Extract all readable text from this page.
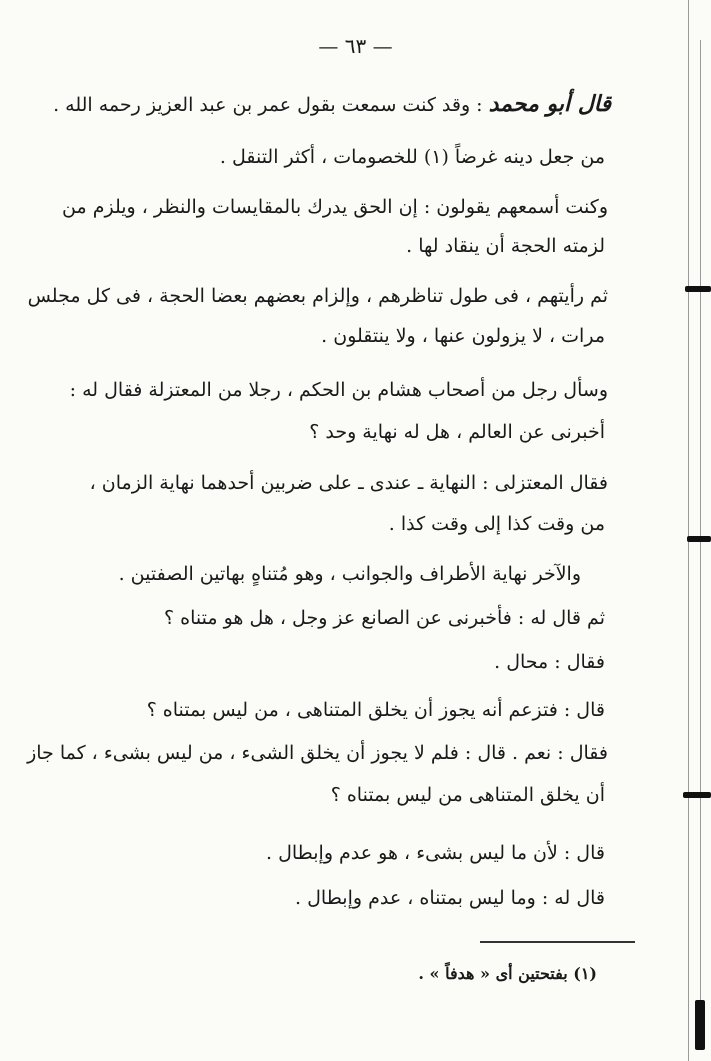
— ٦٣ —
قال أبو محمد : وقد كنت سمعت بقول عمر بن عبد العزيز رحمه الله .
من جعل دينه غرضاً (١) للخصومات ، أكثر التنقل .
وكنت أسمعهم يقولون : إن الحق يدرك بالمقايسات والنظر ، ويلزم من
لزمته الحجة أن ينقاد لها .
ثم رأيتهم ، فى طول تناظرهم ، وإلزام بعضهم بعضا الحجة ، فى كل مجلس
مرات ، لا يزولون عنها ، ولا ينتقلون .
وسأل رجل من أصحاب هشام بن الحكم ، رجلا من المعتزلة فقال له :
أخبرنى عن العالم ، هل له نهاية وحد ؟
فقال المعتزلى : النهاية ـ عندى ـ على ضربين أحدهما نهاية الزمان ،
من وقت كذا إلى وقت كذا .
والآخر نهاية الأطراف والجوانب ، وهو مُتناهٍ بهاتين الصفتين .
ثم قال له : فأخبرنى عن الصانع عز وجل ، هل هو متناه ؟
فقال : محال .
قال : فتزعم أنه يجوز أن يخلق المتناهى ، من ليس بمتناه ؟
فقال : نعم . قال : فلم لا يجوز أن يخلق الشىء ، من ليس بشىء ، كما جاز
أن يخلق المتناهى من ليس بمتناه ؟
قال : لأن ما ليس بشىء ، هو عدم وإبطال .
قال له : وما ليس بمتناه ، عدم وإبطال .
(١) بفتحتين أى « هدفاً » .
